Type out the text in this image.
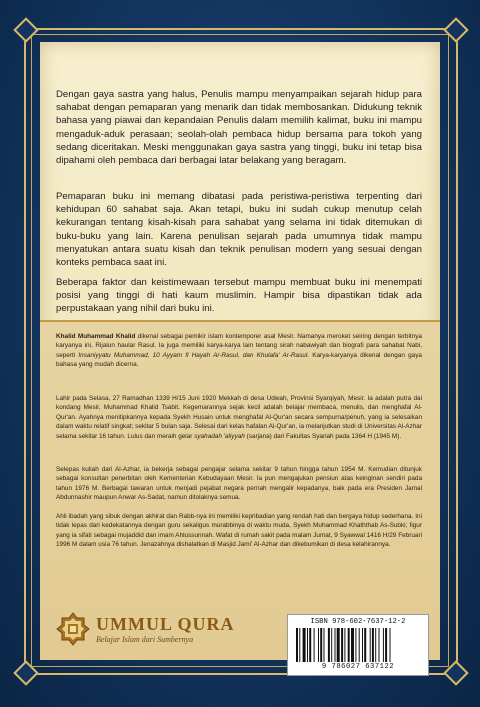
Dengan gaya sastra yang halus, Penulis mampu menyampaikan sejarah hidup para sahabat dengan pemaparan yang menarik dan tidak membosankan. Didukung teknik bahasa yang piawai dan kepandaian Penulis dalam memilih kalimat, buku ini mampu mengaduk-aduk perasaan; seolah-olah pembaca hidup bersama para tokoh yang sedang diceritakan. Meski menggunakan gaya sastra yang tinggi, buku ini tetap bisa dipahami oleh pembaca dari berbagai latar belakang yang beragam.

Pemaparan buku ini memang dibatasi pada peristiwa-peristiwa terpenting dari kehidupan 60 sahabat saja. Akan tetapi, buku ini sudah cukup menutup celah kekurangan tentang kisah-kisah para sahabat yang selama ini tidak ditemukan di buku-buku yang lain. Karena penulisan sejarah pada umumnya tidak mampu menyatukan antara suatu kisah dan teknik penulisan modern yang sesuai dengan konteks pembaca saat ini.

Beberapa faktor dan keistimewaan tersebut mampu membuat buku ini menempati posisi yang tinggi di hati kaum muslimin. Hampir bisa dipastikan tidak ada perpustakaan yang nihil dari buku ini.

Khalid Muhammad Khalid dikenal sebagai pemikir islam kontemporer asal Mesir. Namanya meroket seiring dengan terbitnya karyanya ini, Rijalun haular Rasul. Ia juga memiliki karya-karya lain tentang sirah nabawiyah dan biografi para sahabat Nabi, seperti Insaniyyatu Muhammad, 10 Ayyam fi Hayah Ar-Rasul, dan Khulafa' Ar-Rasul. Karya-karyanya dikenal dengan gaya bahasa yang mudah dicerna.

Lahir pada Selasa, 27 Ramadhan 1339 H/15 Juni 1920 Mekkah di desa Udwah, Provinsi Syarqiyah, Mesir. Ia adalah putra dai kondang Mesir, Muhammad Khalid Tsabit. Kegemarannya sejak kecil adalah belajar membaca, menulis, dan menghafal Al-Qur'an. Ayahnya menitipkannya kepada Syekh Husain untuk menghafal Al-Qur'an secara sempurna/penuh, yang ia selesaikan dalam waktu relatif singkat; sekitar 5 bulan saja. Selesai dari kelas hafalan Al-Qur'an, ia melanjutkan studi di Universitas Al-Azhar selama sekitar 16 tahun. Lulus dan meraih gelar syahadah 'aliyyah (sarjana) dari Fakultas Syariah pada 1364 H (1945 M).

Selepas kuliah dari Al-Azhar, ia bekerja sebagai pengajar selama sekitar 9 tahun hingga tahun 1954 M. Kemudian ditunjuk sebagai konsultan penerbitan oleh Kementerian Kebudayaan Mesir. Ia pun mengajukan pensiun atas keinginan sendiri pada tahun 1976 M. Berbagai tawaran untuk menjadi pejabat negara pernah mengalir kepadanya, baik pada era Presiden Jamal Abdunnashir maupun Anwar As-Sadat, namun ditolaknya semua.

Ahli ibadah yang sibuk dengan akhirat dan Rabb-nya ini memiliki kepribadian yang rendah hati dan bergaya hidup sederhana. Ini tidak lepas dari kedekatannya dengan guru sekaligus murabbinya di waktu muda, Syekh Muhammad Khaththab As-Subki; figur yang ia sifati sebagai mujaddid dan imam Ahlussunnah. Wafat di rumah sakit pada malam Jumat, 9 Syawwal 1416 H/29 Februari 1996 M dalam usia 76 tahun. Jenazahnya dishalatkan di Masjid Jami' Al-Azhar dan dikebumikan di desa kelahirannya.

UMMUL QURA
Belajar Islam dari Sumbernya
ISBN 978-602-7637-12-2
9 786027 637122
